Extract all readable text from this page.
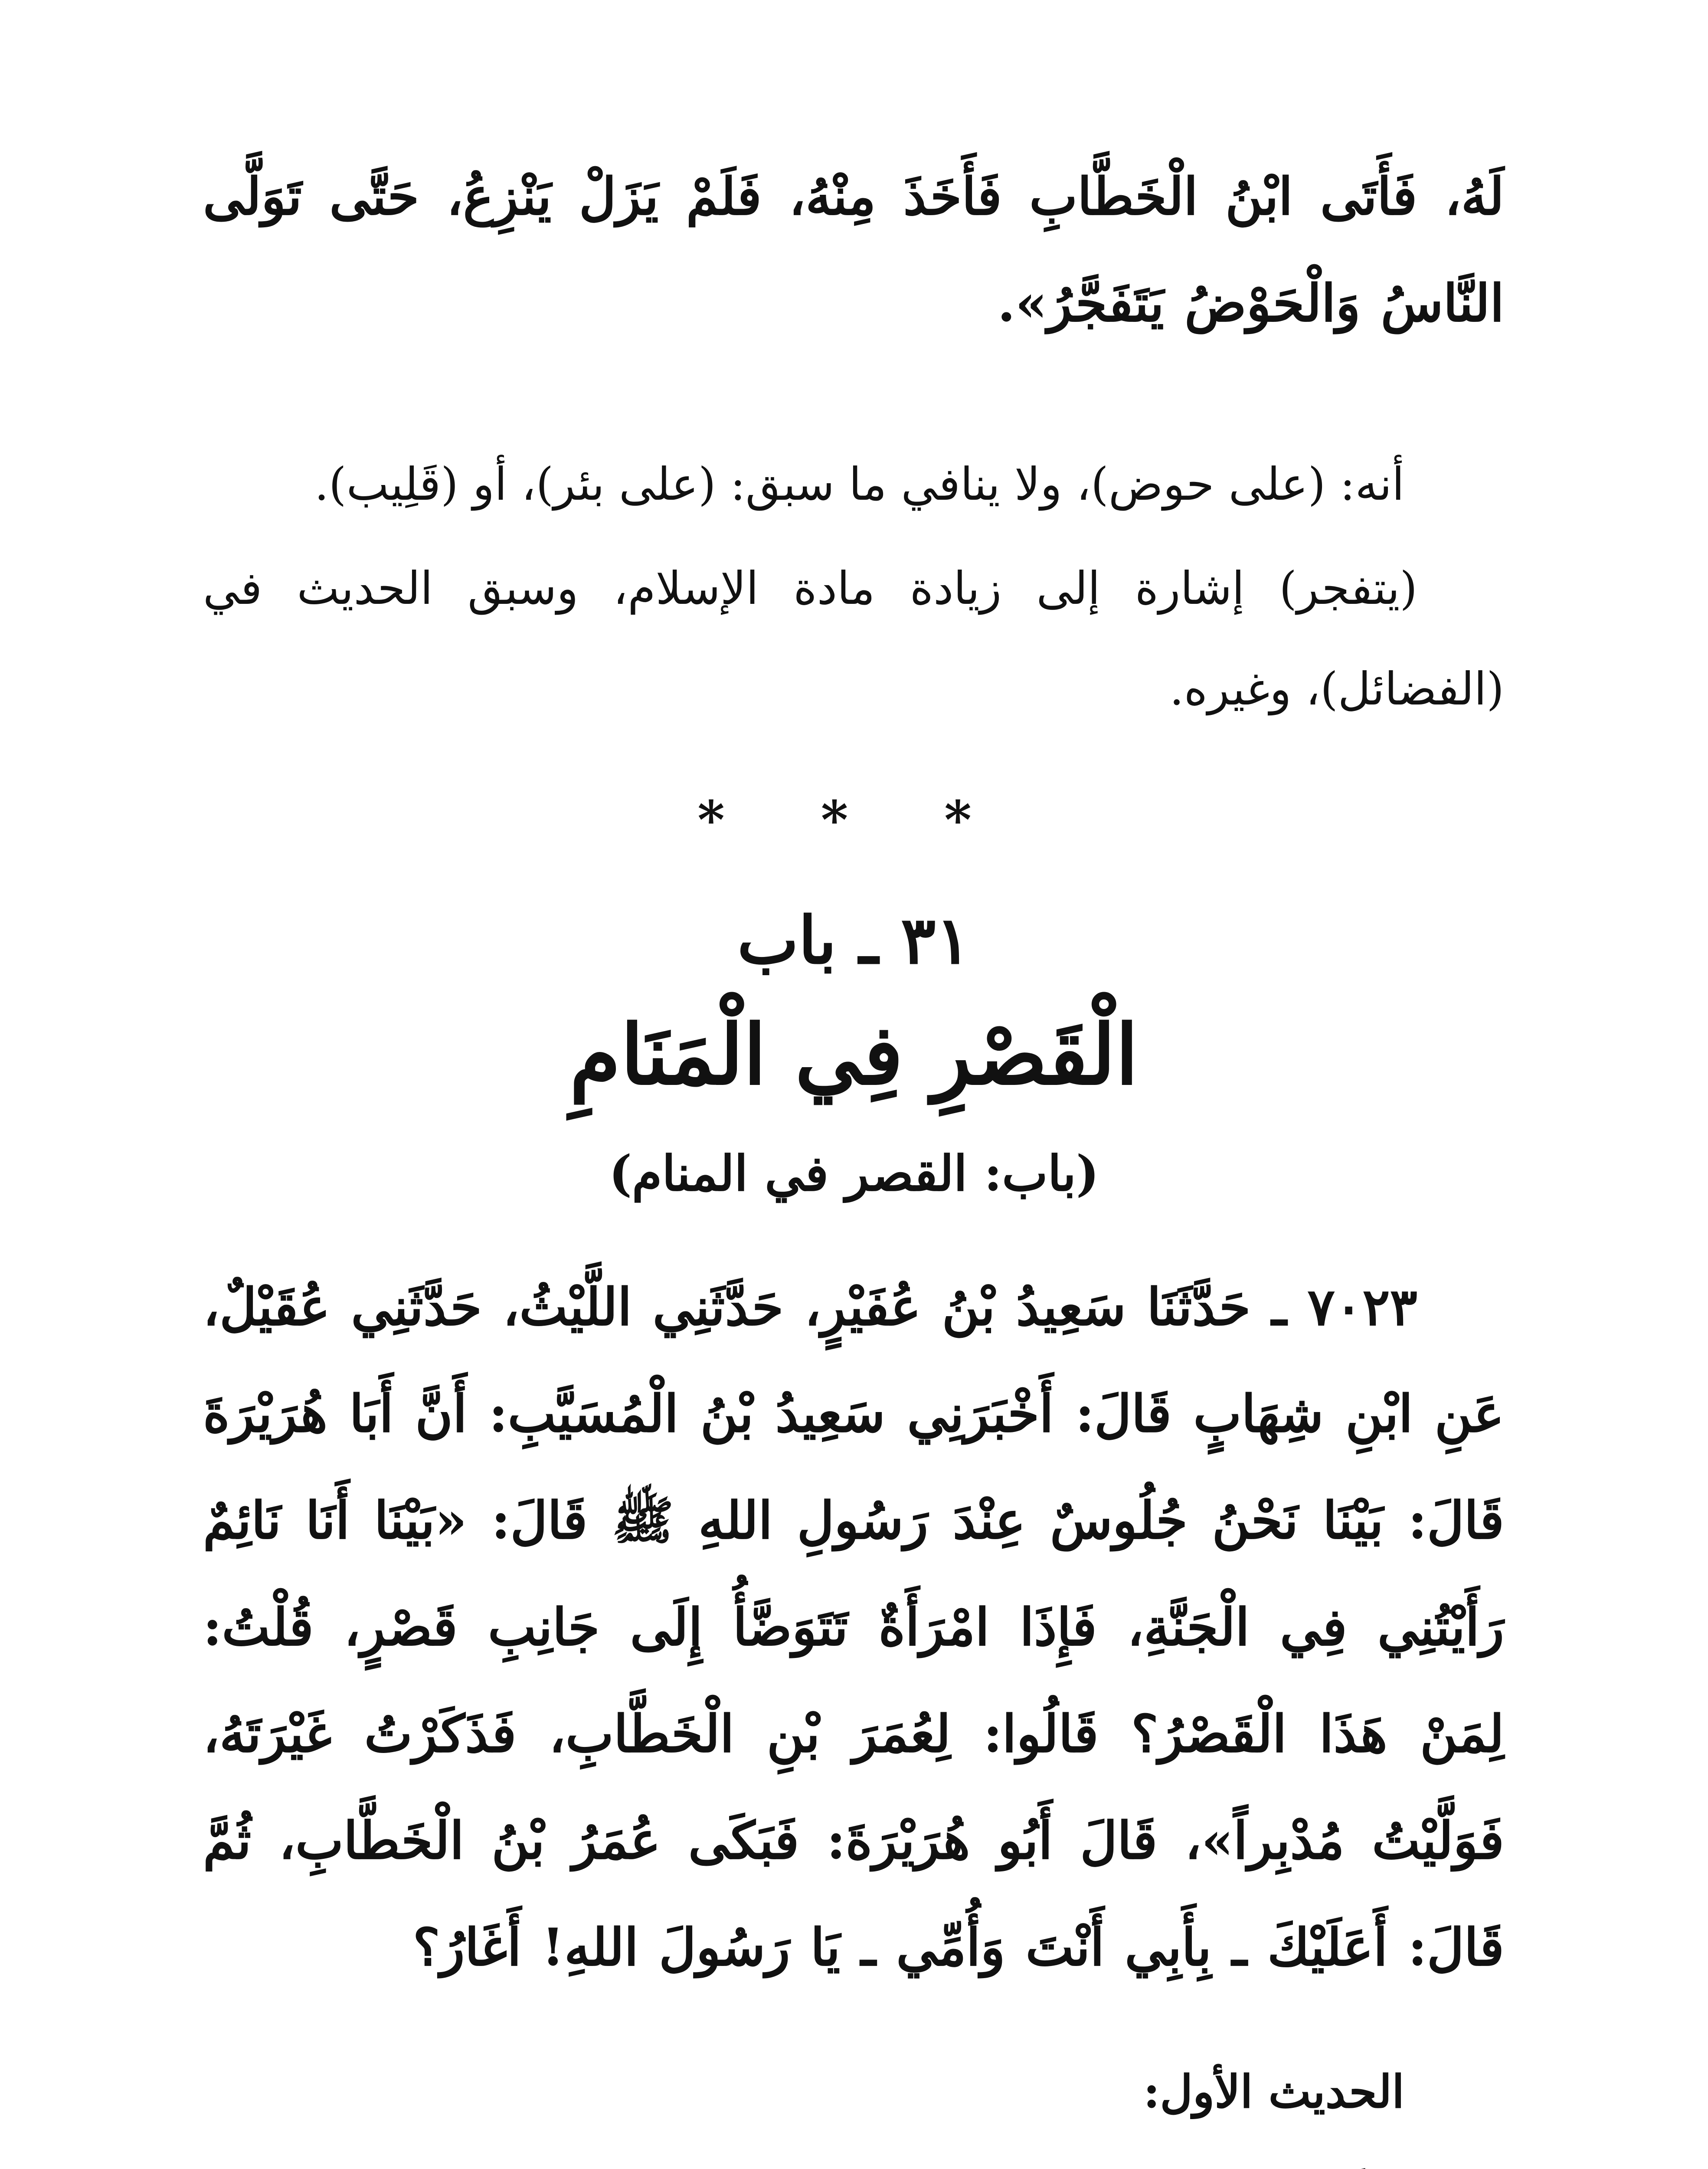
لَهُ، فَأَتَى ابْنُ الْخَطَّابِ فَأَخَذَ مِنْهُ، فَلَمْ يَزَلْ يَنْزِعُ، حَتَّى تَوَلَّى النَّاسُ وَالْحَوْضُ يَتَفَجَّرُ».

أنه: (على حوض)، ولا ينافي ما سبق: (على بئر)، أو (قَلِيب).

(يتفجر) إشارة إلى زيادة مادة الإسلام، وسبق الحديث في (الفضائل)، وغيره.

* * *
٣١ ـ باب
الْقَصْرِ فِي الْمَنَامِ
(باب: القصر في المنام)

٧٠٢٣ ـ حَدَّثَنَا سَعِيدُ بْنُ عُفَيْرٍ، حَدَّثَنِي اللَّيْثُ، حَدَّثَنِي عُقَيْلٌ، عَنِ ابْنِ شِهَابٍ قَالَ: أَخْبَرَنِي سَعِيدُ بْنُ الْمُسَيَّبِ: أَنَّ أَبَا هُرَيْرَةَ قَالَ: بَيْنَا نَحْنُ جُلُوسٌ عِنْدَ رَسُولِ اللهِ ﷺ قَالَ: «بَيْنَا أَنَا نَائِمٌ رَأَيْتُنِي فِي الْجَنَّةِ، فَإِذَا امْرَأَةٌ تَتَوَضَّأُ إِلَى جَانِبِ قَصْرٍ، قُلْتُ: لِمَنْ هَذَا الْقَصْرُ؟ قَالُوا: لِعُمَرَ بْنِ الْخَطَّابِ، فَذَكَرْتُ غَيْرَتَهُ، فَوَلَّيْتُ مُدْبِراً»، قَالَ أَبُو هُرَيْرَةَ: فَبَكَى عُمَرُ بْنُ الْخَطَّابِ، ثُمَّ قَالَ: أَعَلَيْكَ ـ بِأَبِي أَنْتَ وَأُمِّي ـ يَا رَسُولَ اللهِ! أَغَارُ؟

الحديث الأول:
